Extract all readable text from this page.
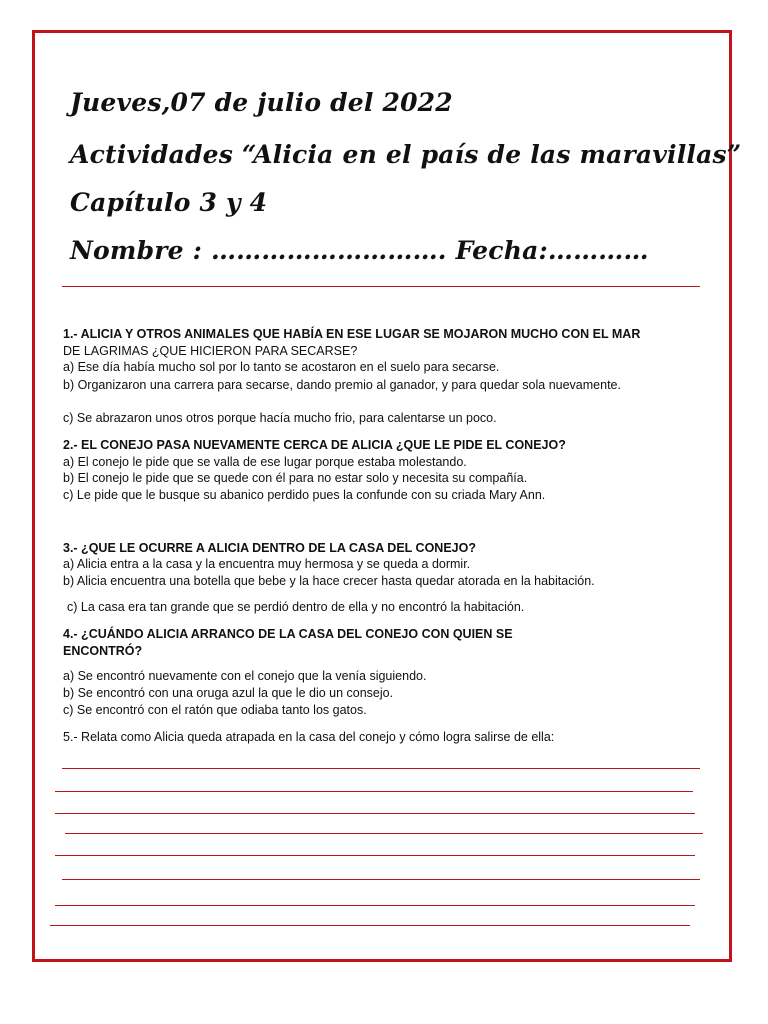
Jueves,07 de julio del 2022
Actividades “Alicia en el país de las maravillas”
Capítulo 3 y 4
Nombre : ………………………. Fecha:…………
1.- ALICIA Y OTROS ANIMALES QUE HABÍA EN ESE LUGAR SE MOJARON MUCHO CON EL MAR DE LAGRIMAS ¿QUE HICIERON PARA SECARSE?
a) Ese día había mucho sol por lo tanto se acostaron en el suelo para secarse.
b) Organizaron una carrera para secarse, dando premio al ganador, y para quedar sola nuevamente.
c) Se abrazaron unos otros porque hacía mucho frio, para calentarse un poco.
2.- EL CONEJO PASA NUEVAMENTE CERCA DE ALICIA ¿QUE LE PIDE EL CONEJO?
a) El conejo le pide que se valla de ese lugar porque estaba molestando.
b) El conejo le pide que se quede con él para no estar solo y necesita su compañía.
c) Le pide que le busque su abanico perdido pues la confunde con su criada Mary Ann.
3.- ¿QUE LE OCURRE A ALICIA DENTRO DE LA CASA DEL CONEJO?
a) Alicia entra a la casa y la encuentra muy hermosa y se queda a dormir.
b) Alicia encuentra una botella que bebe y la hace crecer hasta quedar atorada en la habitación.
c) La casa era tan grande que se perdió dentro de ella y no encontró la habitación.
4.- ¿CUÁNDO ALICIA ARRANCO DE LA CASA DEL CONEJO CON QUIEN SE ENCONTRÓ?
a) Se encontró nuevamente con el conejo que la venía siguiendo.
b) Se encontró con una oruga azul la que le dio un consejo.
c) Se encontró con el ratón que odiaba tanto los gatos.
5.- Relata como Alicia queda atrapada en la casa del conejo y cómo logra salirse de ella:
